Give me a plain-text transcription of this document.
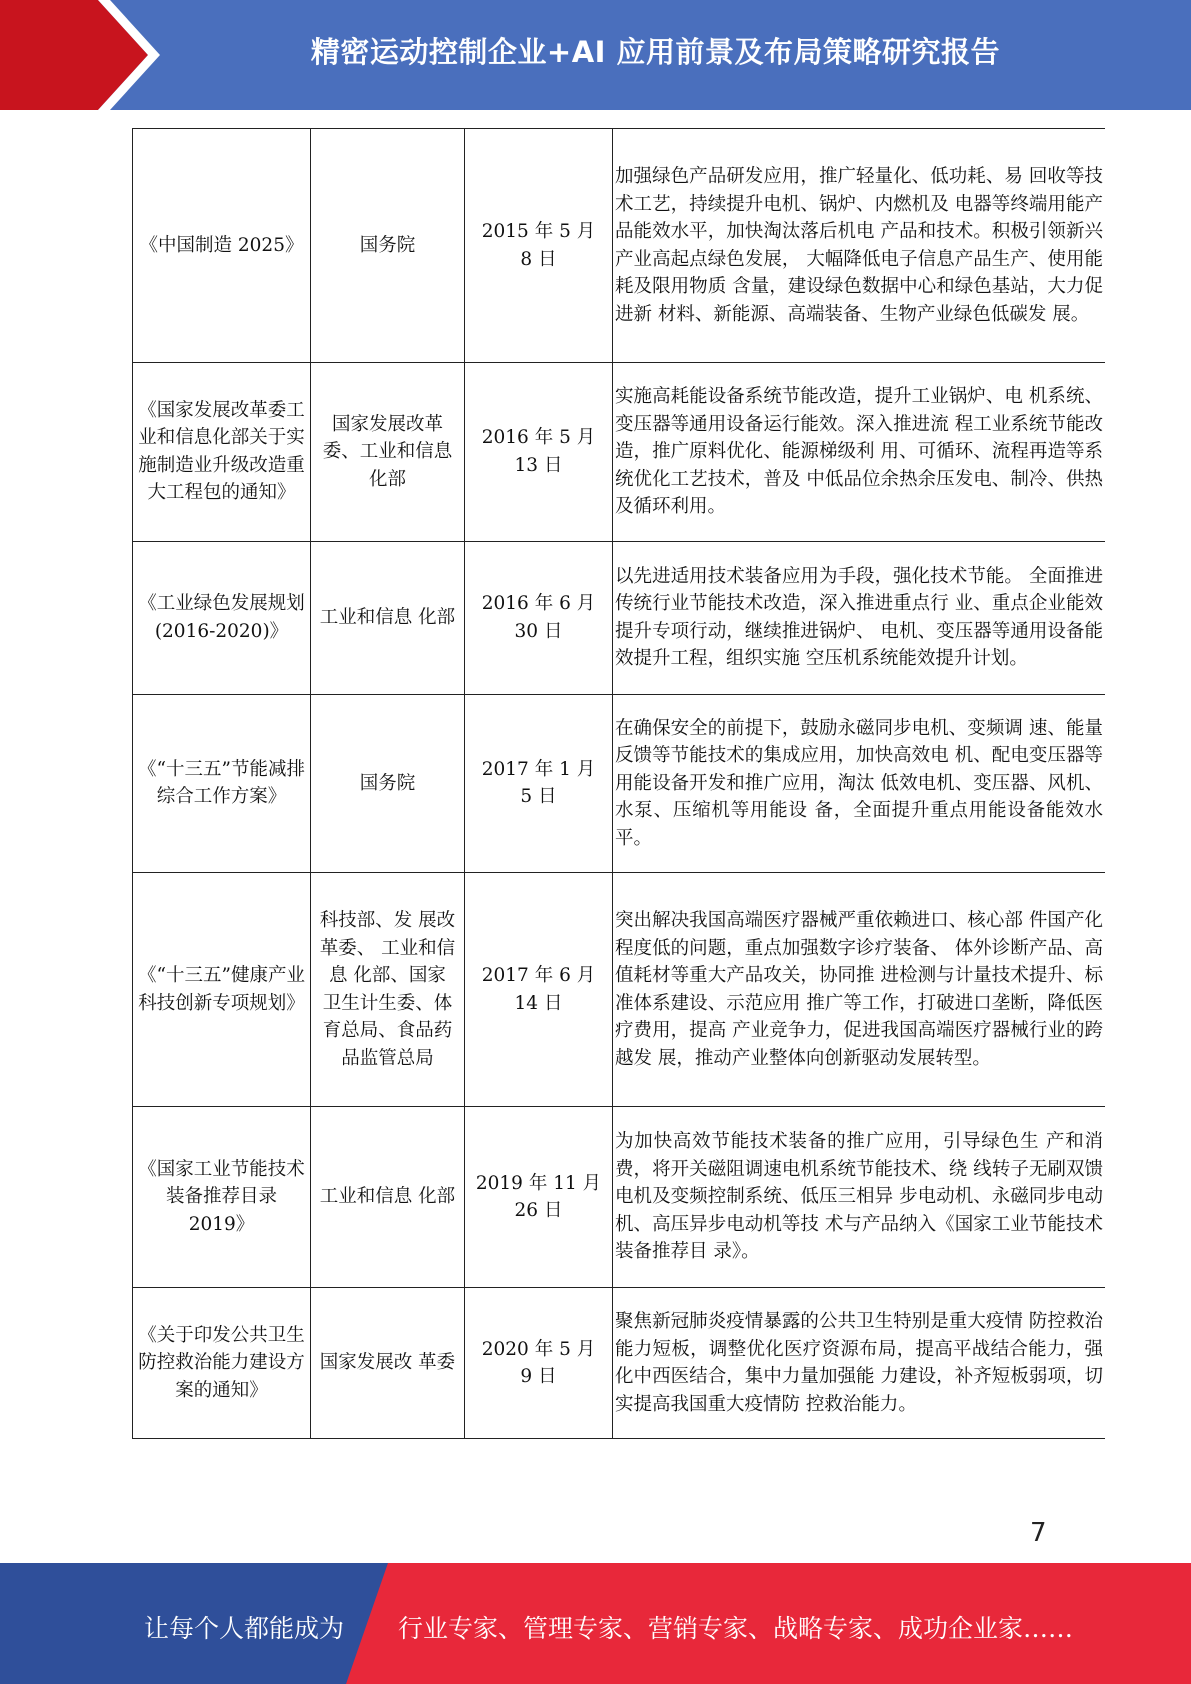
精密运动控制企业+AI 应用前景及布局策略研究报告
《中国制造 2025》	国务院	2015 年 5 月 8 日	加强绿色产品研发应用，推广轻量化、低功耗、易 回收等技术工艺，持续提升电机、锅炉、内燃机及 电器等终端用能产品能效水平，加快淘汰落后机电 产品和技术。积极引领新兴产业高起点绿色发展， 大幅降低电子信息产品生产、使用能耗及限用物质 含量，建设绿色数据中心和绿色基站，大力促进新 材料、新能源、高端装备、生物产业绿色低碳发 展。

《国家发展改革委工业和信息化部关于实施制造业升级改造重大工程包的通知》	国家发展改革委、工业和信息化部	2016 年 5 月 13 日	实施高耗能设备系统节能改造，提升工业锅炉、电 机系统、变压器等通用设备运行能效。深入推进流 程工业系统节能改造，推广原料优化、能源梯级利 用、可循环、流程再造等系统优化工艺技术，普及 中低品位余热余压发电、制冷、供热及循环利用。

《工业绿色发展规划(2016-2020)》	工业和信息 化部	2016 年 6 月 30 日	以先进适用技术装备应用为手段，强化技术节能。 全面推进传统行业节能技术改造，深入推进重点行 业、重点企业能效提升专项行动，继续推进锅炉、 电机、变压器等通用设备能效提升工程，组织实施 空压机系统能效提升计划。

《“十三五”节能减排综合工作方案》	国务院	2017 年 1 月 5 日	在确保安全的前提下，鼓励永磁同步电机、变频调 速、能量反馈等节能技术的集成应用，加快高效电 机、配电变压器等用能设备开发和推广应用，淘汰 低效电机、变压器、风机、水泵、压缩机等用能设 备，全面提升重点用能设备能效水平。

《“十三五”健康产业科技创新专项规划》	科技部、发 展改革委、 工业和信息 化部、国家 卫生计生委、体育总局、食品药 品监管总局	2017 年 6 月 14 日	突出解决我国高端医疗器械严重依赖进口、核心部 件国产化程度低的问题，重点加强数字诊疗装备、 体外诊断产品、高值耗材等重大产品攻关，协同推 进检测与计量技术提升、标准体系建设、示范应用 推广等工作，打破进口垄断，降低医疗费用，提高 产业竞争力，促进我国高端医疗器械行业的跨越发 展，推动产业整体向创新驱动发展转型。

《国家工业节能技术装备推荐目录 2019》	工业和信息 化部	2019 年 11 月 26 日	为加快高效节能技术装备的推广应用，引导绿色生 产和消费，将开关磁阻调速电机系统节能技术、绕 线转子无刷双馈电机及变频控制系统、低压三相异 步电动机、永磁同步电动机、高压异步电动机等技 术与产品纳入《国家工业节能技术装备推荐目 录》。

《关于印发公共卫生防控救治能力建设方案的通知》	国家发展改 革委	2020 年 5 月 9 日	聚焦新冠肺炎疫情暴露的公共卫生特别是重大疫情 防控救治能力短板，调整优化医疗资源布局，提高平战结合能力，强化中西医结合，集中力量加强能 力建设，补齐短板弱项，切实提高我国重大疫情防 控救治能力。
7
让每个人都能成为 行业专家、管理专家、营销专家、战略专家、成功企业家……
